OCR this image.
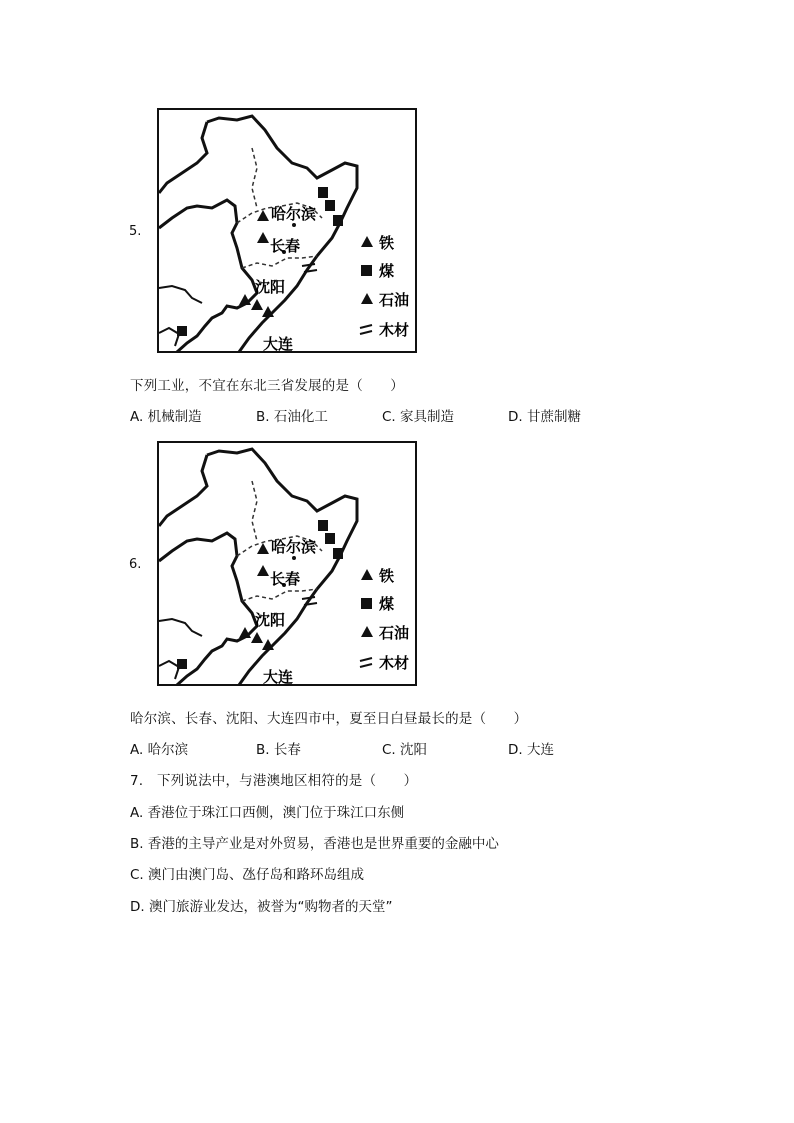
5.
哈尔滨
长春
沈阳
大连
铁
煤
石油
木材
下列工业，不宜在东北三省发展的是（　　）
A. 机械制造	B. 石油化工	C. 家具制造	D. 甘蔗制糖
6.
哈尔滨
长春
沈阳
大连
铁
煤
石油
木材
哈尔滨、长春、沈阳、大连四市中，夏至日白昼最长的是（　　）
A. 哈尔滨	B. 长春	C. 沈阳	D. 大连
7.　下列说法中，与港澳地区相符的是（　　）
A. 香港位于珠江口西侧，澳门位于珠江口东侧
B. 香港的主导产业是对外贸易，香港也是世界重要的金融中心
C. 澳门由澳门岛、氹仔岛和路环岛组成
D. 澳门旅游业发达，被誉为“购物者的天堂”
